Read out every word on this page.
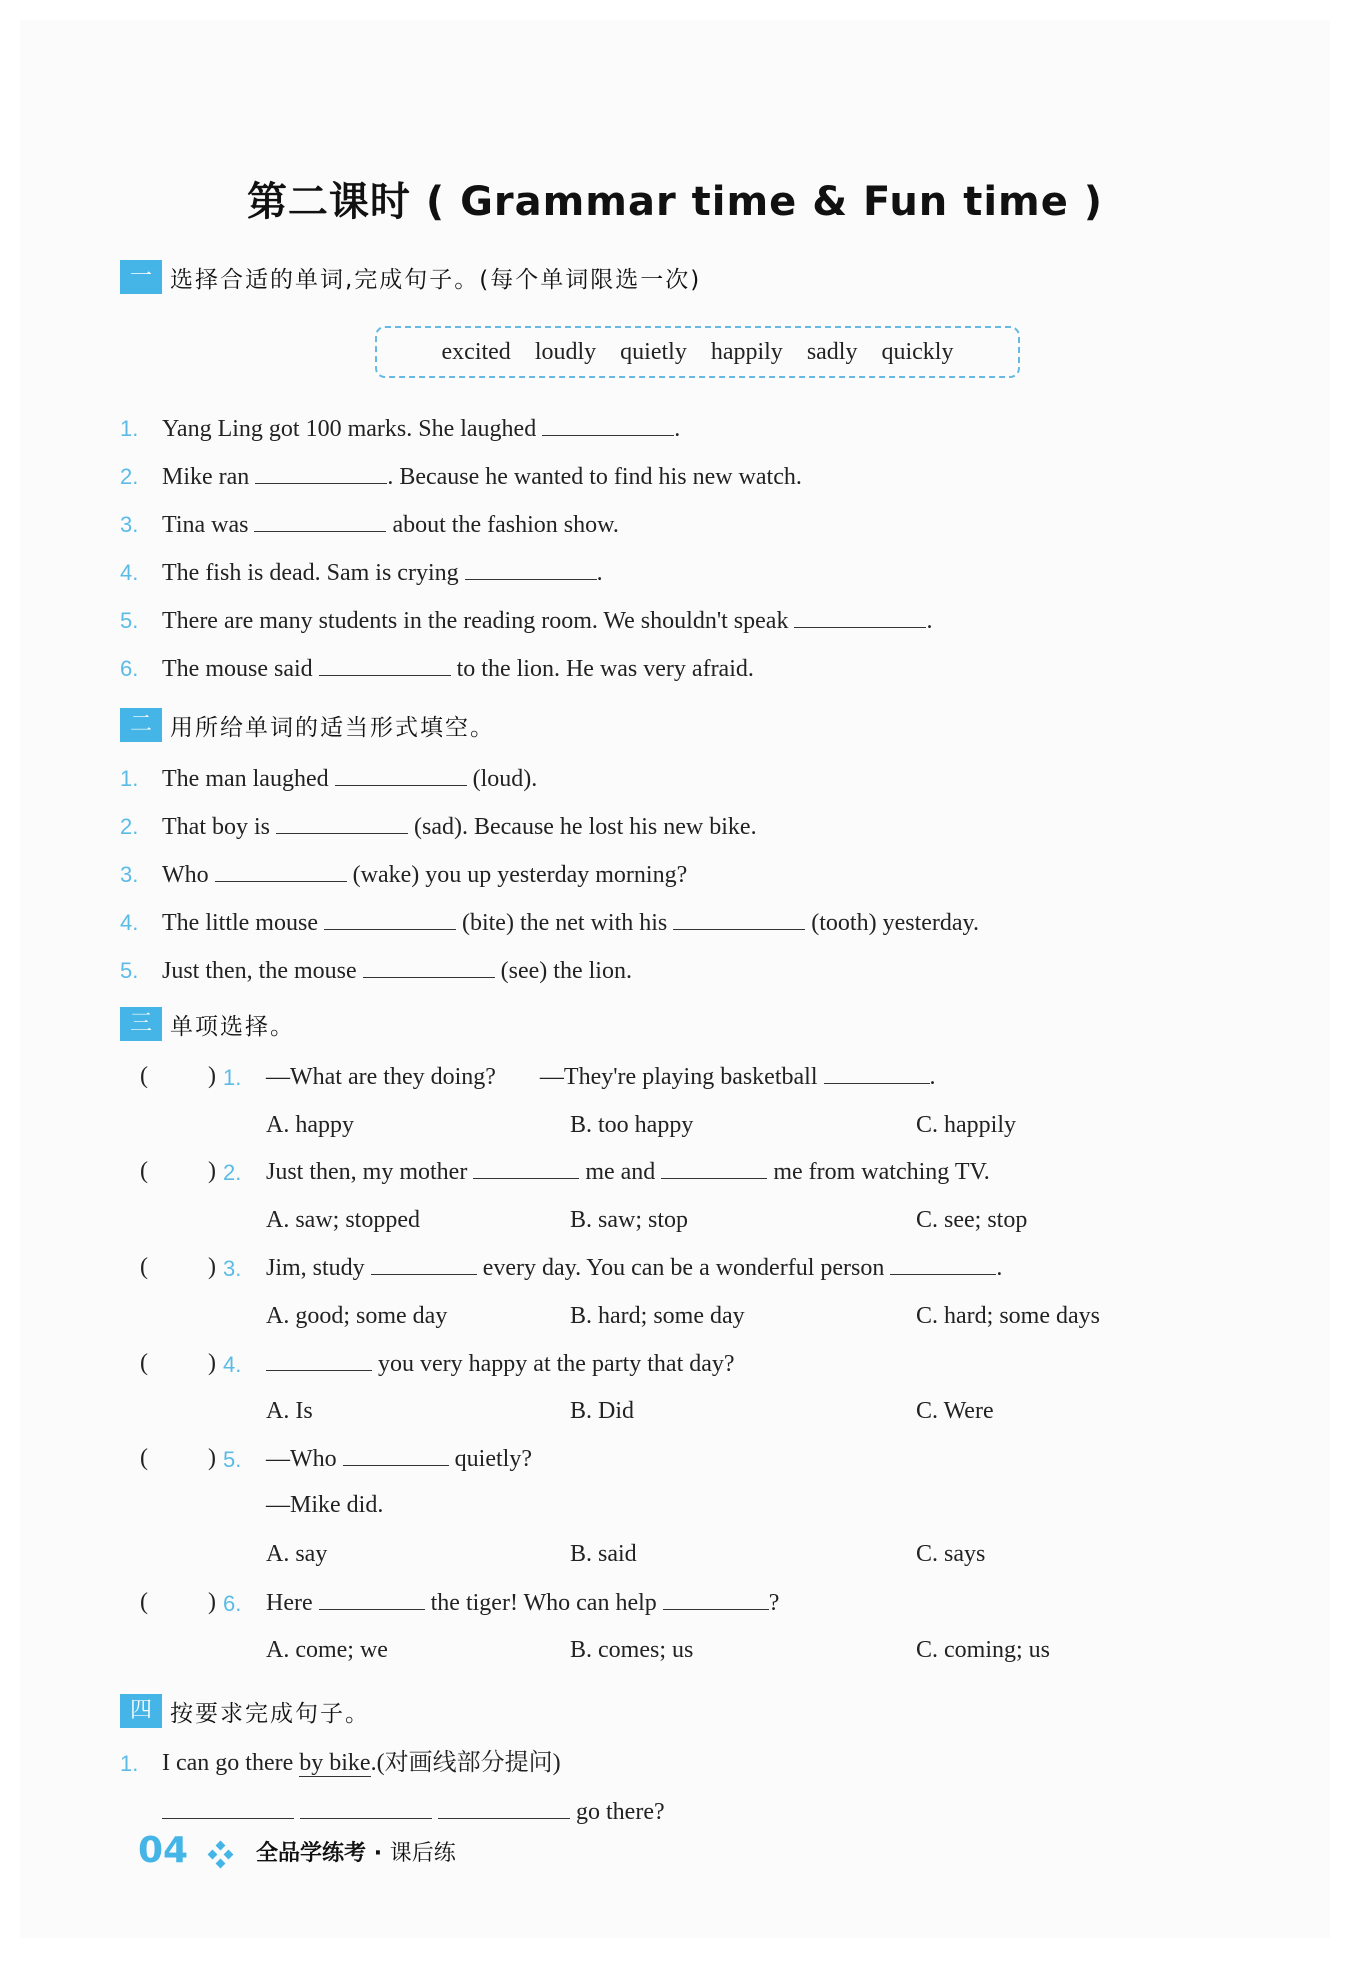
第二课时 ( Grammar time & Fun time )
一 选择合适的单词,完成句子。(每个单词限选一次)
excited loudly quietly happily sadly quickly
1. Yang Ling got 100 marks. She laughed	.
2. Mike ran	. Because he wanted to find his new watch.
3. Tina was	about the fashion show.
4. The fish is dead. Sam is crying	.
5. There are many students in the reading room. We shouldn't speak	.
6. The mouse said	to the lion. He was very afraid.
二 用所给单词的适当形式填空。
1. The man laughed	(loud).
2. That boy is	(sad). Because he lost his new bike.
3. Who	(wake) you up yesterday morning?
4. The little mouse	(bite) the net with his	(tooth) yesterday.
5. Just then, the mouse	(see) the lion.
三 单项选择。
(	) 1. —What are they doing? —They're playing basketball	.
A. happy	B. too happy	C. happily
(	) 2. Just then, my mother	me and	me from watching TV.
A. saw; stopped	B. saw; stop	C. see; stop
(	) 3. Jim, study	every day. You can be a wonderful person	.
A. good; some day	B. hard; some day	C. hard; some days
(	) 4.	you very happy at the party that day?
A. Is	B. Did	C. Were
(	) 5. —Who	quietly?
—Mike did.
A. say	B. said	C. says
(	) 6. Here	the tiger! Who can help	?
A. come; we	B. comes; us	C. coming; us
四 按要求完成句子。
1. I can go there by bike.(对画线部分提问)
go there?
04	全品学练考 · 课后练
